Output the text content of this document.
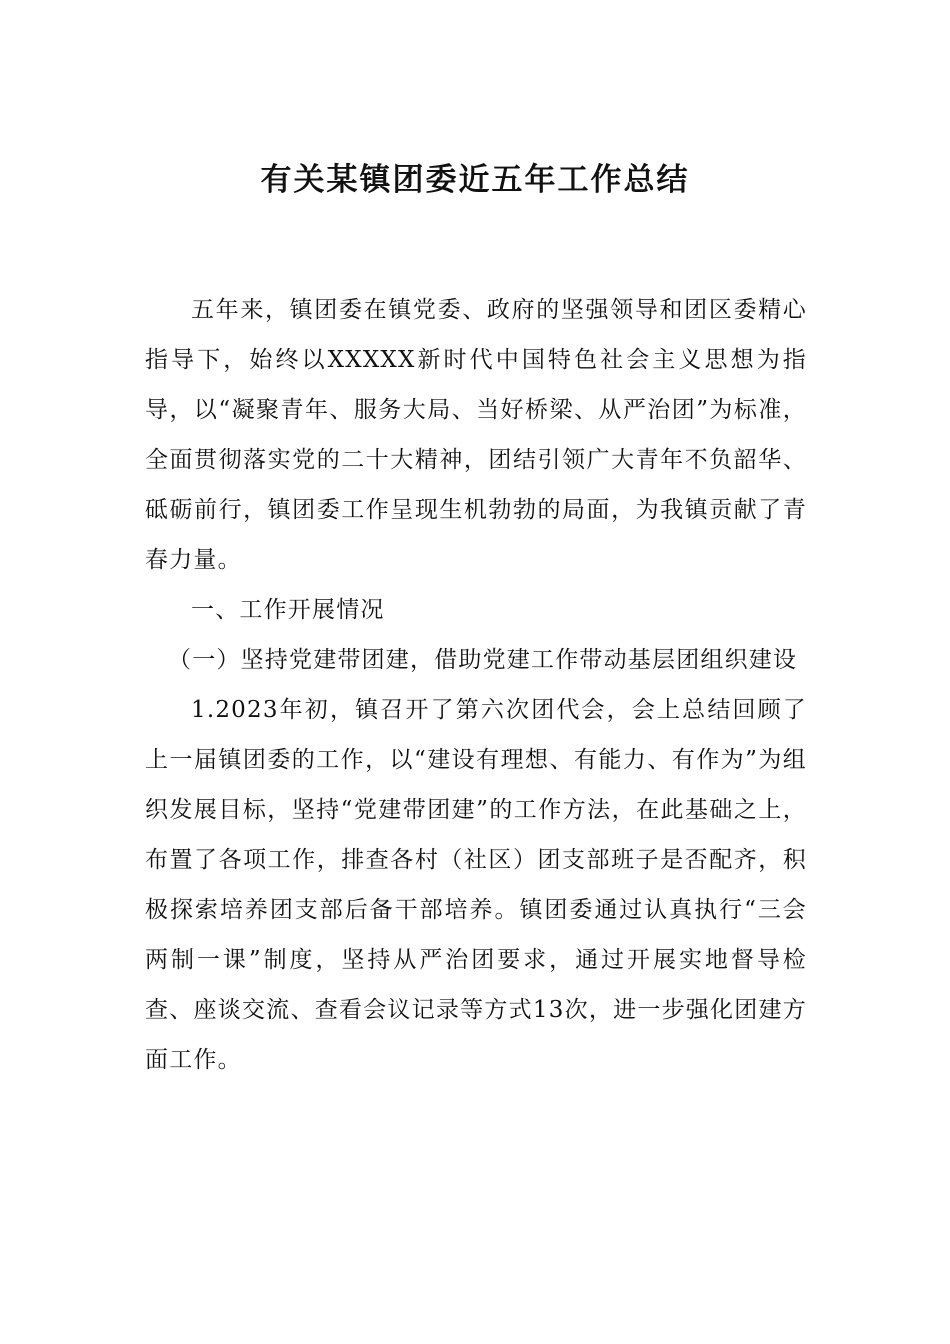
有关某镇团委近五年工作总结

五年来，镇团委在镇党委、政府的坚强领导和团区委精心指导下，始终以XXXXX新时代中国特色社会主义思想为指导，以“凝聚青年、服务大局、当好桥梁、从严治团”为标准，全面贯彻落实党的二十大精神，团结引领广大青年不负韶华、砥砺前行，镇团委工作呈现生机勃勃的局面，为我镇贡献了青春力量。

一、工作开展情况

（一）坚持党建带团建，借助党建工作带动基层团组织建设

1.2023年初，镇召开了第六次团代会，会上总结回顾了上一届镇团委的工作，以“建设有理想、有能力、有作为”为组织发展目标，坚持“党建带团建”的工作方法，在此基础之上，布置了各项工作，排查各村（社区）团支部班子是否配齐，积极探索培养团支部后备干部培养。镇团委通过认真执行“三会两制一课”制度，坚持从严治团要求，通过开展实地督导检查、座谈交流、查看会议记录等方式13次，进一步强化团建方面工作。
